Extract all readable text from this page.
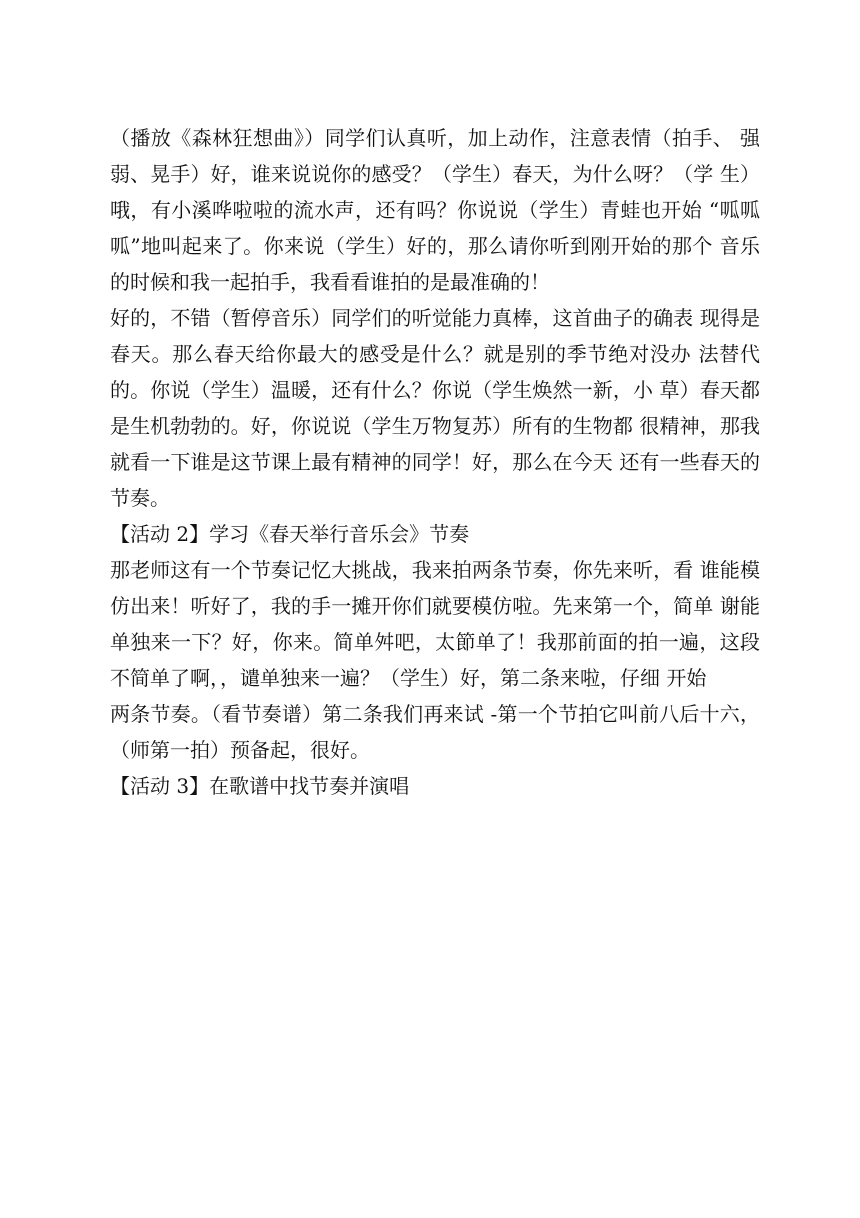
（播放《森林狂想曲》）同学们认真听，加上动作，注意表情（拍手、 强弱、晃手）好，谁来说说你的感受？（学生）春天，为什么呀？（学 生）哦，有小溪哗啦啦的流水声，还有吗？你说说（学生）青蛙也开始 “呱呱呱”地叫起来了。你来说（学生）好的，那么请你听到刚开始的那个 音乐的时候和我一起拍手，我看看谁拍的是最准确的！

好的，不错（暂停音乐）同学们的听觉能力真棒，这首曲子的确表 现得是春天。那么春天给你最大的感受是什么？就是别的季节绝对没办 法替代的。你说（学生）温暖，还有什么？你说（学生焕然一新，小 草）春天都是生机勃勃的。好，你说说（学生万物复苏）所有的生物都 很精神，那我就看一下谁是这节课上最有精神的同学！好，那么在今天 还有一些春天的节奏。

【活动 2】学习《春天举行音乐会》节奏

那老师这有一个节奏记忆大挑战，我来拍两条节奏，你先来听，看 谁能模仿出来！听好了，我的手一摊开你们就要模仿啦。先来第一个，简单 谢能单独来一下？好，你来。简单舛吧，太節单了！我那前面的拍一遍，这段不简单了啊，，谴单独来一遍？（学生）好，第二条来啦，仔细 开始

两条节奏。（看节奏谱）第二条我们再来试 -第一个节拍它叫前八后十六，（师第一拍）预备起，很好。

【活动 3】在歌谱中找节奏并演唱
